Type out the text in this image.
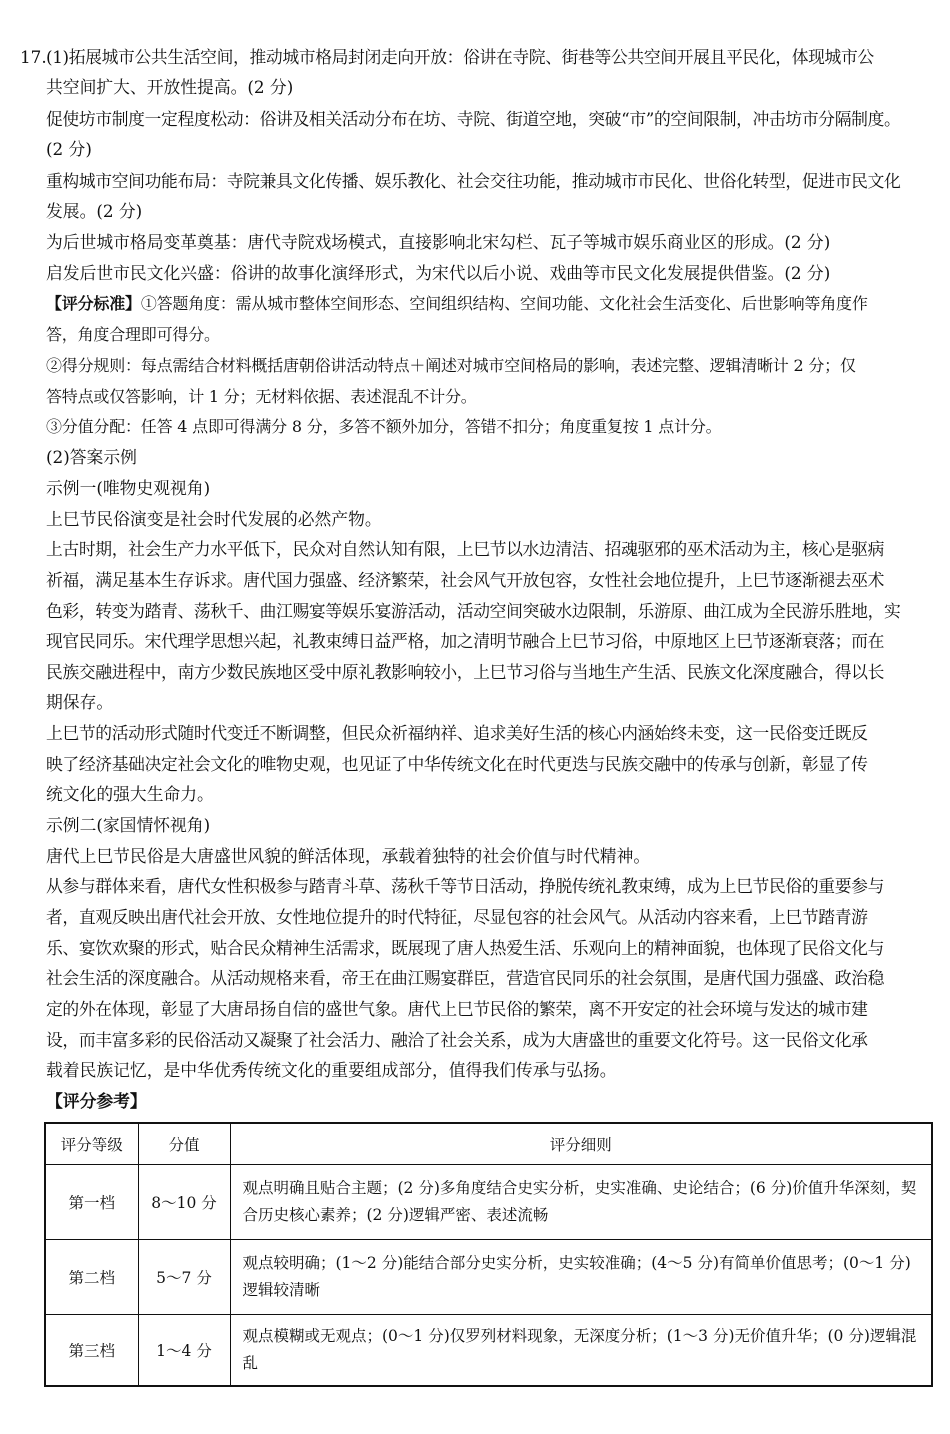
17. (1)拓展城市公共生活空间，推动城市格局封闭走向开放：俗讲在寺院、街巷等公共空间开展且平民化，体现城市公
共空间扩大、开放性提高。(2 分)
促使坊市制度一定程度松动：俗讲及相关活动分布在坊、寺院、街道空地，突破“市”的空间限制，冲击坊市分隔制度。
(2 分)
重构城市空间功能布局：寺院兼具文化传播、娱乐教化、社会交往功能，推动城市市民化、世俗化转型，促进市民文化
发展。(2 分)
为后世城市格局变革奠基：唐代寺院戏场模式，直接影响北宋勾栏、瓦子等城市娱乐商业区的形成。(2 分)
启发后世市民文化兴盛：俗讲的故事化演绎形式，为宋代以后小说、戏曲等市民文化发展提供借鉴。(2 分)
【评分标准】①答题角度：需从城市整体空间形态、空间组织结构、空间功能、文化社会生活变化、后世影响等角度作
答，角度合理即可得分。
②得分规则：每点需结合材料概括唐朝俗讲活动特点＋阐述对城市空间格局的影响，表述完整、逻辑清晰计 2 分；仅
答特点或仅答影响，计 1 分；无材料依据、表述混乱不计分。
③分值分配：任答 4 点即可得满分 8 分，多答不额外加分，答错不扣分；角度重复按 1 点计分。
(2)答案示例
示例一(唯物史观视角)
上巳节民俗演变是社会时代发展的必然产物。
上古时期，社会生产力水平低下，民众对自然认知有限，上巳节以水边清洁、招魂驱邪的巫术活动为主，核心是驱病
祈福，满足基本生存诉求。唐代国力强盛、经济繁荣，社会风气开放包容，女性社会地位提升，上巳节逐渐褪去巫术
色彩，转变为踏青、荡秋千、曲江赐宴等娱乐宴游活动，活动空间突破水边限制，乐游原、曲江成为全民游乐胜地，实
现官民同乐。宋代理学思想兴起，礼教束缚日益严格，加之清明节融合上巳节习俗，中原地区上巳节逐渐衰落；而在
民族交融进程中，南方少数民族地区受中原礼教影响较小，上巳节习俗与当地生产生活、民族文化深度融合，得以长
期保存。
上巳节的活动形式随时代变迁不断调整，但民众祈福纳祥、追求美好生活的核心内涵始终未变，这一民俗变迁既反
映了经济基础决定社会文化的唯物史观，也见证了中华传统文化在时代更迭与民族交融中的传承与创新，彰显了传
统文化的强大生命力。
示例二(家国情怀视角)
唐代上巳节民俗是大唐盛世风貌的鲜活体现，承载着独特的社会价值与时代精神。
从参与群体来看，唐代女性积极参与踏青斗草、荡秋千等节日活动，挣脱传统礼教束缚，成为上巳节民俗的重要参与
者，直观反映出唐代社会开放、女性地位提升的时代特征，尽显包容的社会风气。从活动内容来看，上巳节踏青游
乐、宴饮欢聚的形式，贴合民众精神生活需求，既展现了唐人热爱生活、乐观向上的精神面貌，也体现了民俗文化与
社会生活的深度融合。从活动规格来看，帝王在曲江赐宴群臣，营造官民同乐的社会氛围，是唐代国力强盛、政治稳
定的外在体现，彰显了大唐昂扬自信的盛世气象。唐代上巳节民俗的繁荣，离不开安定的社会环境与发达的城市建
设，而丰富多彩的民俗活动又凝聚了社会活力、融洽了社会关系，成为大唐盛世的重要文化符号。这一民俗文化承
载着民族记忆，是中华优秀传统文化的重要组成部分，值得我们传承与弘扬。
【评分参考】
评分等级	分值	评分细则
第一档	8～10 分	观点明确且贴合主题；(2 分)多角度结合史实分析，史实准确、史论结合；(6 分)价值升华深刻，契合历史核心素养；(2 分)逻辑严密、表述流畅
第二档	5～7 分	观点较明确；(1～2 分)能结合部分史实分析，史实较准确；(4～5 分)有简单价值思考；(0～1 分)逻辑较清晰
第三档	1～4 分	观点模糊或无观点；(0～1 分)仅罗列材料现象，无深度分析；(1～3 分)无价值升华；(0 分)逻辑混乱
